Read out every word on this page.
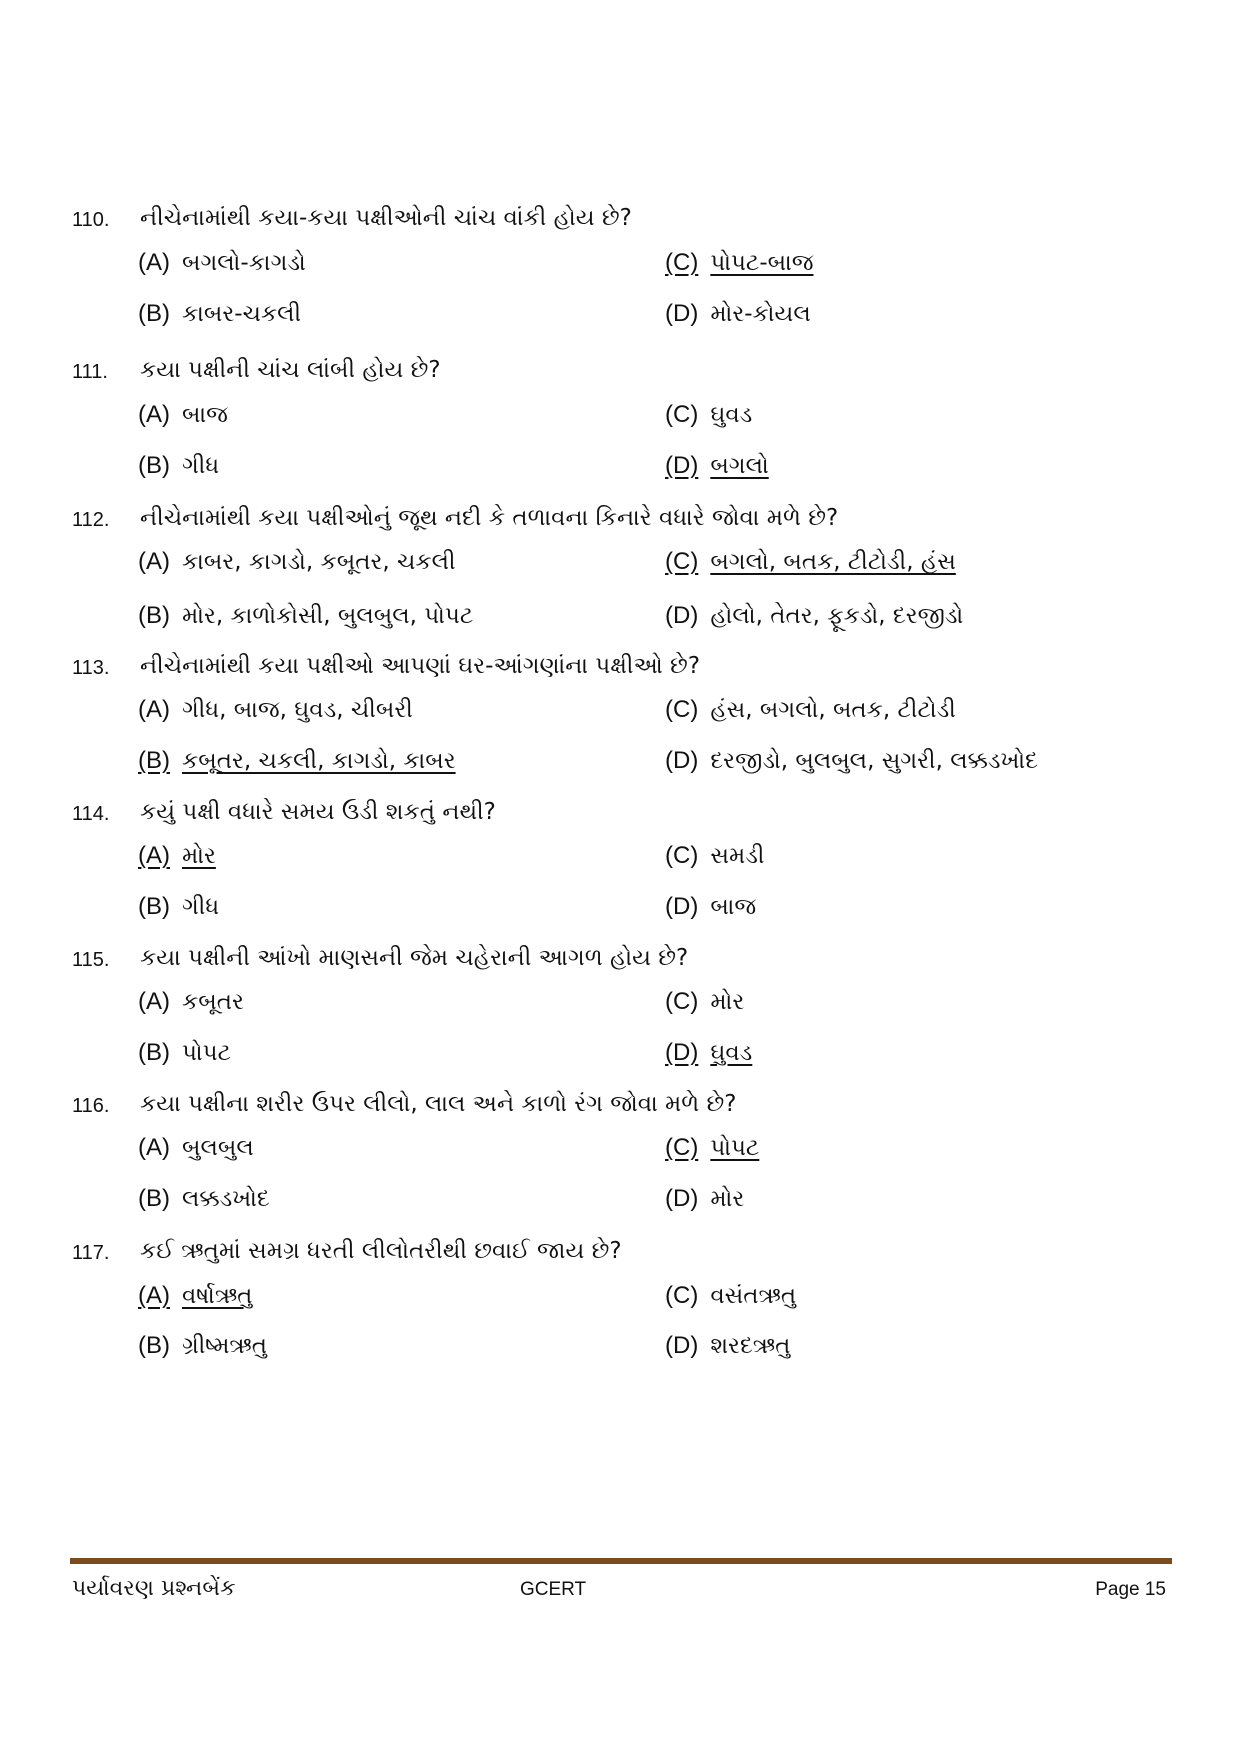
110. નીચેનામાંથી કયા-કયા પક્ષીઓની ચાંચ વાંકી હોય છે?
(A) બગલો-કાગડો
(B) કાબર-ચકલી
(C) પોપટ-બાજ
(D) મોર-કોયલ
111. કયા પક્ષીની ચાંચ લાંબી હોય છે?
(A) બાજ
(B) ગીધ
(C) ઘુવડ
(D) બગલો
112. નીચેનામાંથી કયા પક્ષીઓનું જૂથ નદી કે તળાવના કિનારે વધારે જોવા મળે છે?
(A) કાબર, કાગડો, કબૂતર, ચકલી
(B) મોર, કાળોકોસી, બુલબુલ, પોપટ
(C) બગલો, બતક, ટીટોડી, હંસ
(D) હોલો, તેતર, ફૂકડો, દરજીડો
113. નીચેનામાંથી કયા પક્ષીઓ આપણાં ઘર-આંગણાંના પક્ષીઓ છે?
(A) ગીધ, બાજ, ઘુવડ, ચીબરી
(B) કબૂતર, ચકલી, કાગડો, કાબર
(C) હંસ, બગલો, બતક, ટીટોડી
(D) દરજીડો, બુલબુલ, સુગરી, લક્કડખોદ
114. કયું પક્ષી વધારે સમય ઉડી શકતું નથી?
(A) મોર
(B) ગીધ
(C) સમડી
(D) બાજ
115. કયા પક્ષીની આંખો માણસની જેમ ચહેરાની આગળ હોય છે?
(A) કબૂતર
(B) પોપટ
(C) મોર
(D) ઘુવડ
116. કયા પક્ષીના શરીર ઉપર લીલો, લાલ અને કાળો રંગ જોવા મળે છે?
(A) બુલબુલ
(B) લક્કડખોદ
(C) પોપટ
(D) મોર
117. કઈ ઋતુમાં સમગ્ર ધરતી લીલોતરીથી છવાઈ જાય છે?
(A) વર્ષાઋતુ
(B) ગ્રીષ્મઋતુ
(C) વસંતઋતુ
(D) શરદઋતુ
પર્યાવરણ પ્રશ્નબેંક	GCERT	Page 15
